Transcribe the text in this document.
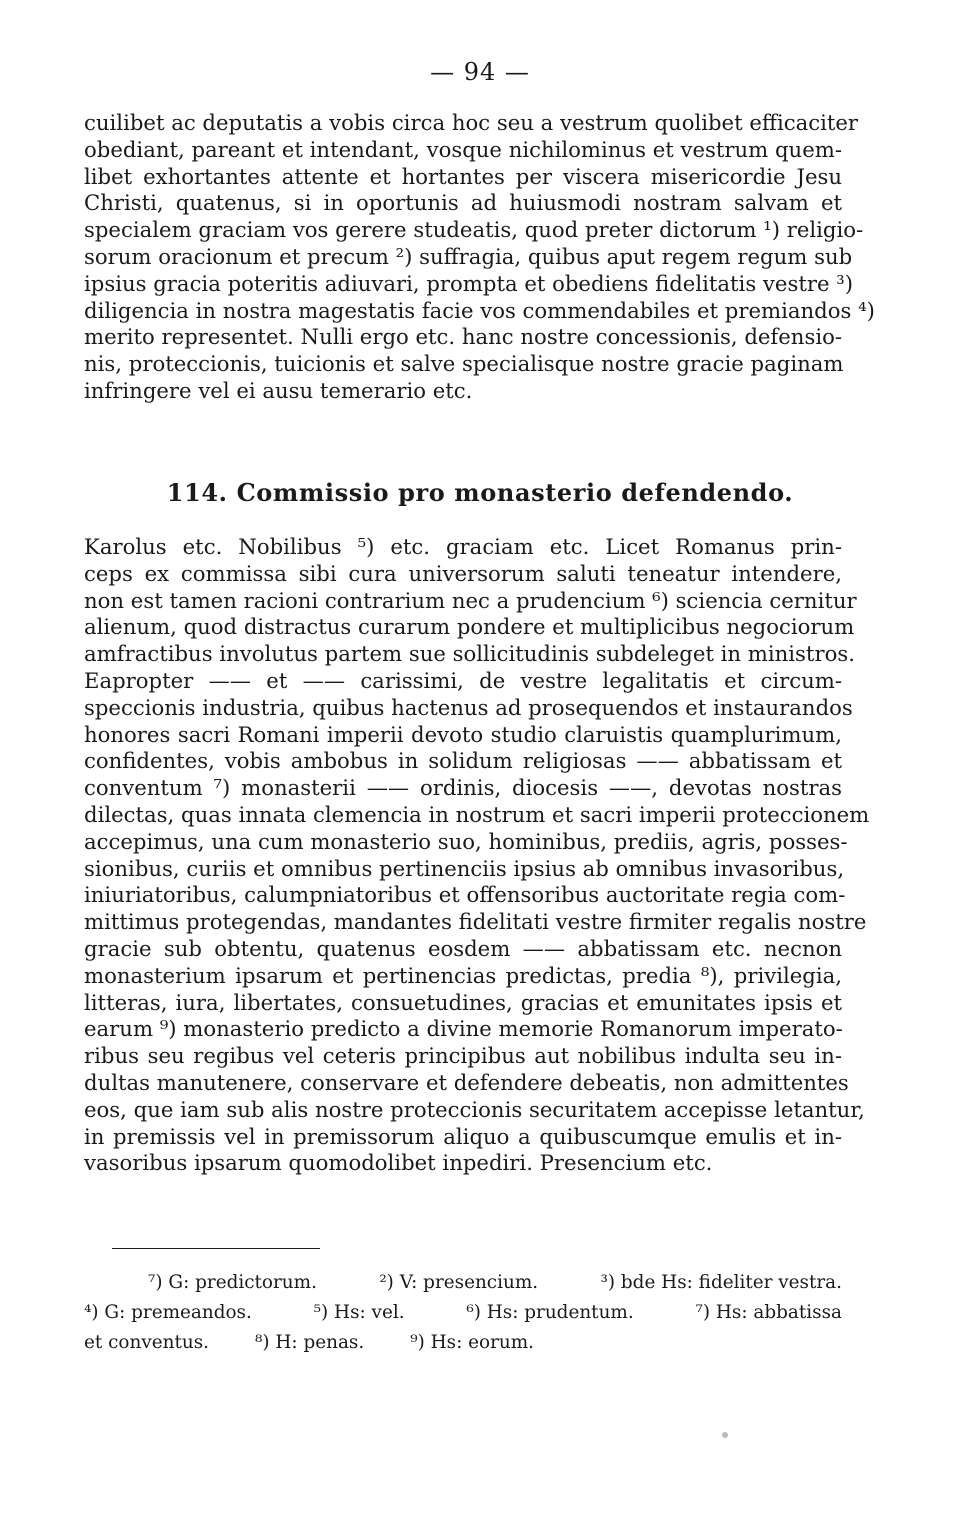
— 94 —
cuilibet ac deputatis a vobis circa hoc seu a vestrum quolibet efficaciter
obediant, pareant et intendant, vosque nichilominus et vestrum quem-
libet exhortantes attente et hortantes per viscera misericordie Jesu
Christi, quatenus, si in oportunis ad huiusmodi nostram salvam et
specialem graciam vos gerere studeatis, quod preter dictorum ¹) religio-
sorum oracionum et precum ²) suffragia, quibus aput regem regum sub
ipsius gracia poteritis adiuvari, prompta et obediens fidelitatis vestre ³)
diligencia in nostra magestatis facie vos commendabiles et premiandos ⁴)
merito representet. Nulli ergo etc. hanc nostre concessionis, defensio-
nis, proteccionis, tuicionis et salve specialisque nostre gracie paginam
infringere vel ei ausu temerario etc.
114. Commissio pro monasterio defendendo.
Karolus etc. Nobilibus ⁵) etc. graciam etc. Licet Romanus prin-
ceps ex commissa sibi cura universorum saluti teneatur intendere,
non est tamen racioni contrarium nec a prudencium ⁶) sciencia cernitur
alienum, quod distractus curarum pondere et multiplicibus negociorum
amfractibus involutus partem sue sollicitudinis subdeleget in ministros.
Eapropter —— et —— carissimi, de vestre legalitatis et circum-
speccionis industria, quibus hactenus ad prosequendos et instaurandos
honores sacri Romani imperii devoto studio claruistis quamplurimum,
confidentes, vobis ambobus in solidum religiosas —— abbatissam et
conventum ⁷) monasterii —— ordinis, diocesis ——, devotas nostras
dilectas, quas innata clemencia in nostrum et sacri imperii proteccionem
accepimus, una cum monasterio suo, hominibus, prediis, agris, posses-
sionibus, curiis et omnibus pertinenciis ipsius ab omnibus invasoribus,
iniuriatoribus, calumpniatoribus et offensoribus auctoritate regia com-
mittimus protegendas, mandantes fidelitati vestre firmiter regalis nostre
gracie sub obtentu, quatenus eosdem —— abbatissam etc. necnon
monasterium ipsarum et pertinencias predictas, predia ⁸), privilegia,
litteras, iura, libertates, consuetudines, gracias et emunitates ipsis et
earum ⁹) monasterio predicto a divine memorie Romanorum imperato-
ribus seu regibus vel ceteris principibus aut nobilibus indulta seu in-
dultas manutenere, conservare et defendere debeatis, non admittentes
eos, que iam sub alis nostre proteccionis securitatem accepisse letantur,
in premissis vel in premissorum aliquo a quibuscumque emulis et in-
vasoribus ipsarum quomodolibet inpediri. Presencium etc.
⁷) G: predictorum.	²) V: presencium.	³) bde Hs: fideliter vestra.
⁴) G: premeandos.	⁵) Hs: vel.	⁶) Hs: prudentum.	⁷) Hs: abbatissa
et conventus.	⁸) H: penas.	⁹) Hs: eorum.
